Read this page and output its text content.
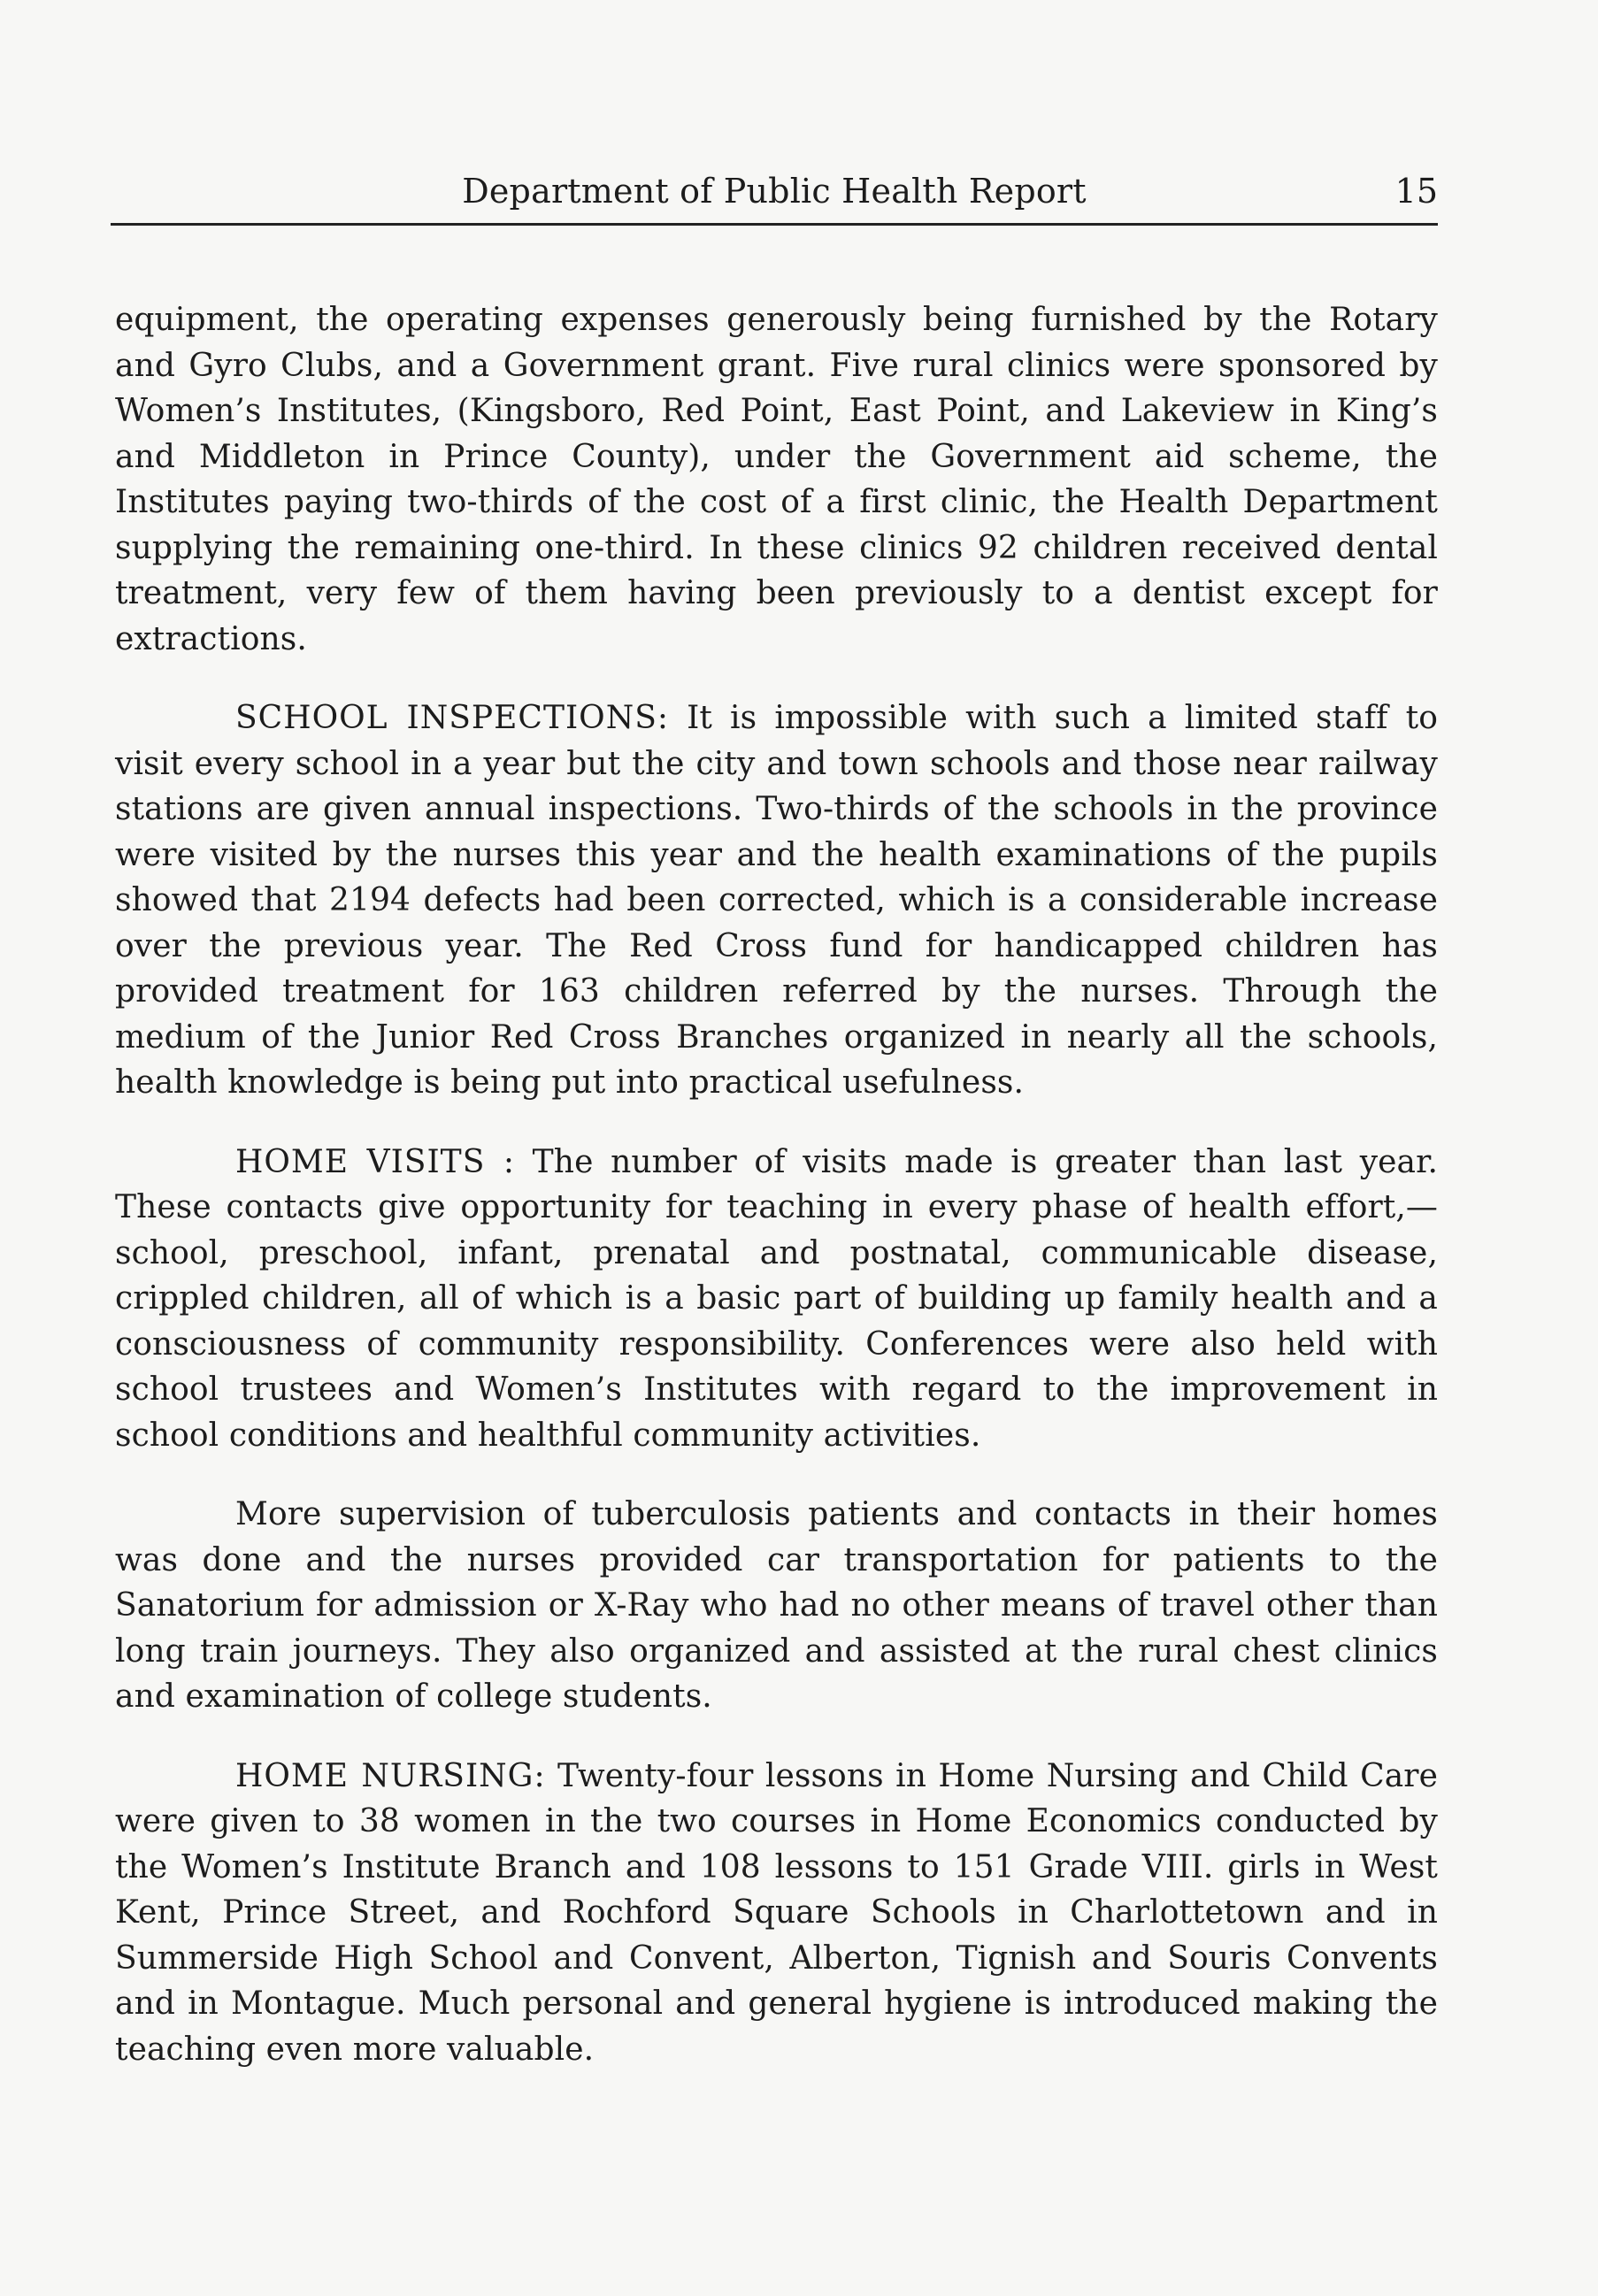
Department of Public Health Report	15

equipment, the operating expenses generously being furnished by the Rotary and Gyro Clubs, and a Government grant. Five rural clinics were sponsored by Women’s Institutes, (Kingsboro, Red Point, East Point, and Lakeview in King’s and Middleton in Prince County), under the Government aid scheme, the Institutes paying two-thirds of the cost of a first clinic, the Health Department supplying the remaining one-third. In these clinics 92 children received dental treatment, very few of them having been previously to a dentist except for extractions.

SCHOOL INSPECTIONS: It is impossible with such a limited staff to visit every school in a year but the city and town schools and those near railway stations are given annual inspections. Two-thirds of the schools in the province were visited by the nurses this year and the health examinations of the pupils showed that 2194 defects had been corrected, which is a considerable increase over the previous year. The Red Cross fund for handicapped children has provided treatment for 163 children referred by the nurses. Through the medium of the Junior Red Cross Branches organized in nearly all the schools, health knowledge is being put into practical usefulness.

HOME VISITS : The number of visits made is greater than last year. These contacts give opportunity for teaching in every phase of health effort,—school, preschool, infant, prenatal and postnatal, communicable disease, crippled children, all of which is a basic part of building up family health and a consciousness of community responsibility. Conferences were also held with school trustees and Women’s Institutes with regard to the improvement in school conditions and healthful community activities.

More supervision of tuberculosis patients and contacts in their homes was done and the nurses provided car transportation for patients to the Sanatorium for admission or X-Ray who had no other means of travel other than long train journeys. They also organized and assisted at the rural chest clinics and examination of college students.

HOME NURSING: Twenty-four lessons in Home Nursing and Child Care were given to 38 women in the two courses in Home Economics conducted by the Women’s Institute Branch and 108 lessons to 151 Grade VIII. girls in West Kent, Prince Street, and Rochford Square Schools in Charlottetown and in Summerside High School and Convent, Alberton, Tignish and Souris Convents and in Montague. Much personal and general hygiene is introduced making the teaching even more valuable.
